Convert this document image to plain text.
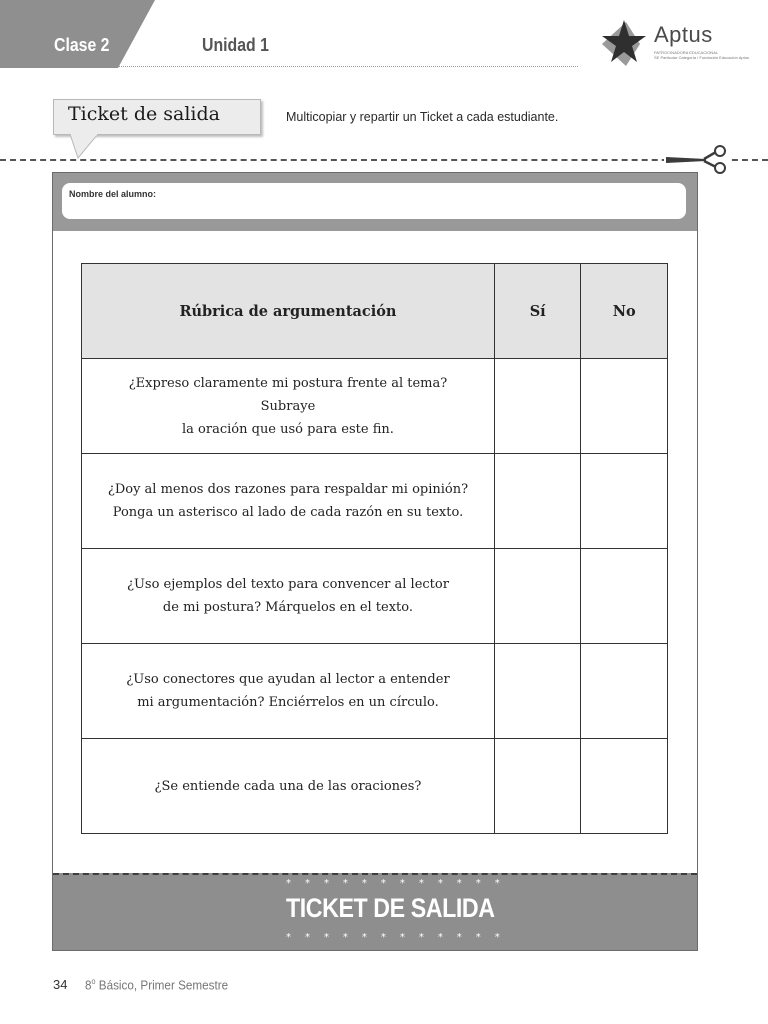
Clase 2	Unidad 1	Aptus
PATROCINADORA EDUCACIONAL
SE Particular Categoría / Fundación Educación Aptus
Ticket de salida	Multicopiar y repartir un Ticket a cada estudiante.
Nombre del alumno:
Rúbrica de argumentación	Sí	No

¿Expreso claramente mi postura frente al tema?
Subraye
la oración que usó para este fin.		

¿Doy al menos dos razones para respaldar mi opinión?
Ponga un asterisco al lado de cada razón en su texto.		

¿Uso ejemplos del texto para convencer al lector
de mi postura? Márquelos en el texto.		

¿Uso conectores que ayudan al lector a entender
mi argumentación? Enciérrelos en un círculo.		

¿Se entiende cada una de las oraciones?		

* * * * * * * * * * * *
TICKET DE SALIDA
* * * * * * * * * * * *
34 8$^o$ Básico, Primer Semestre
